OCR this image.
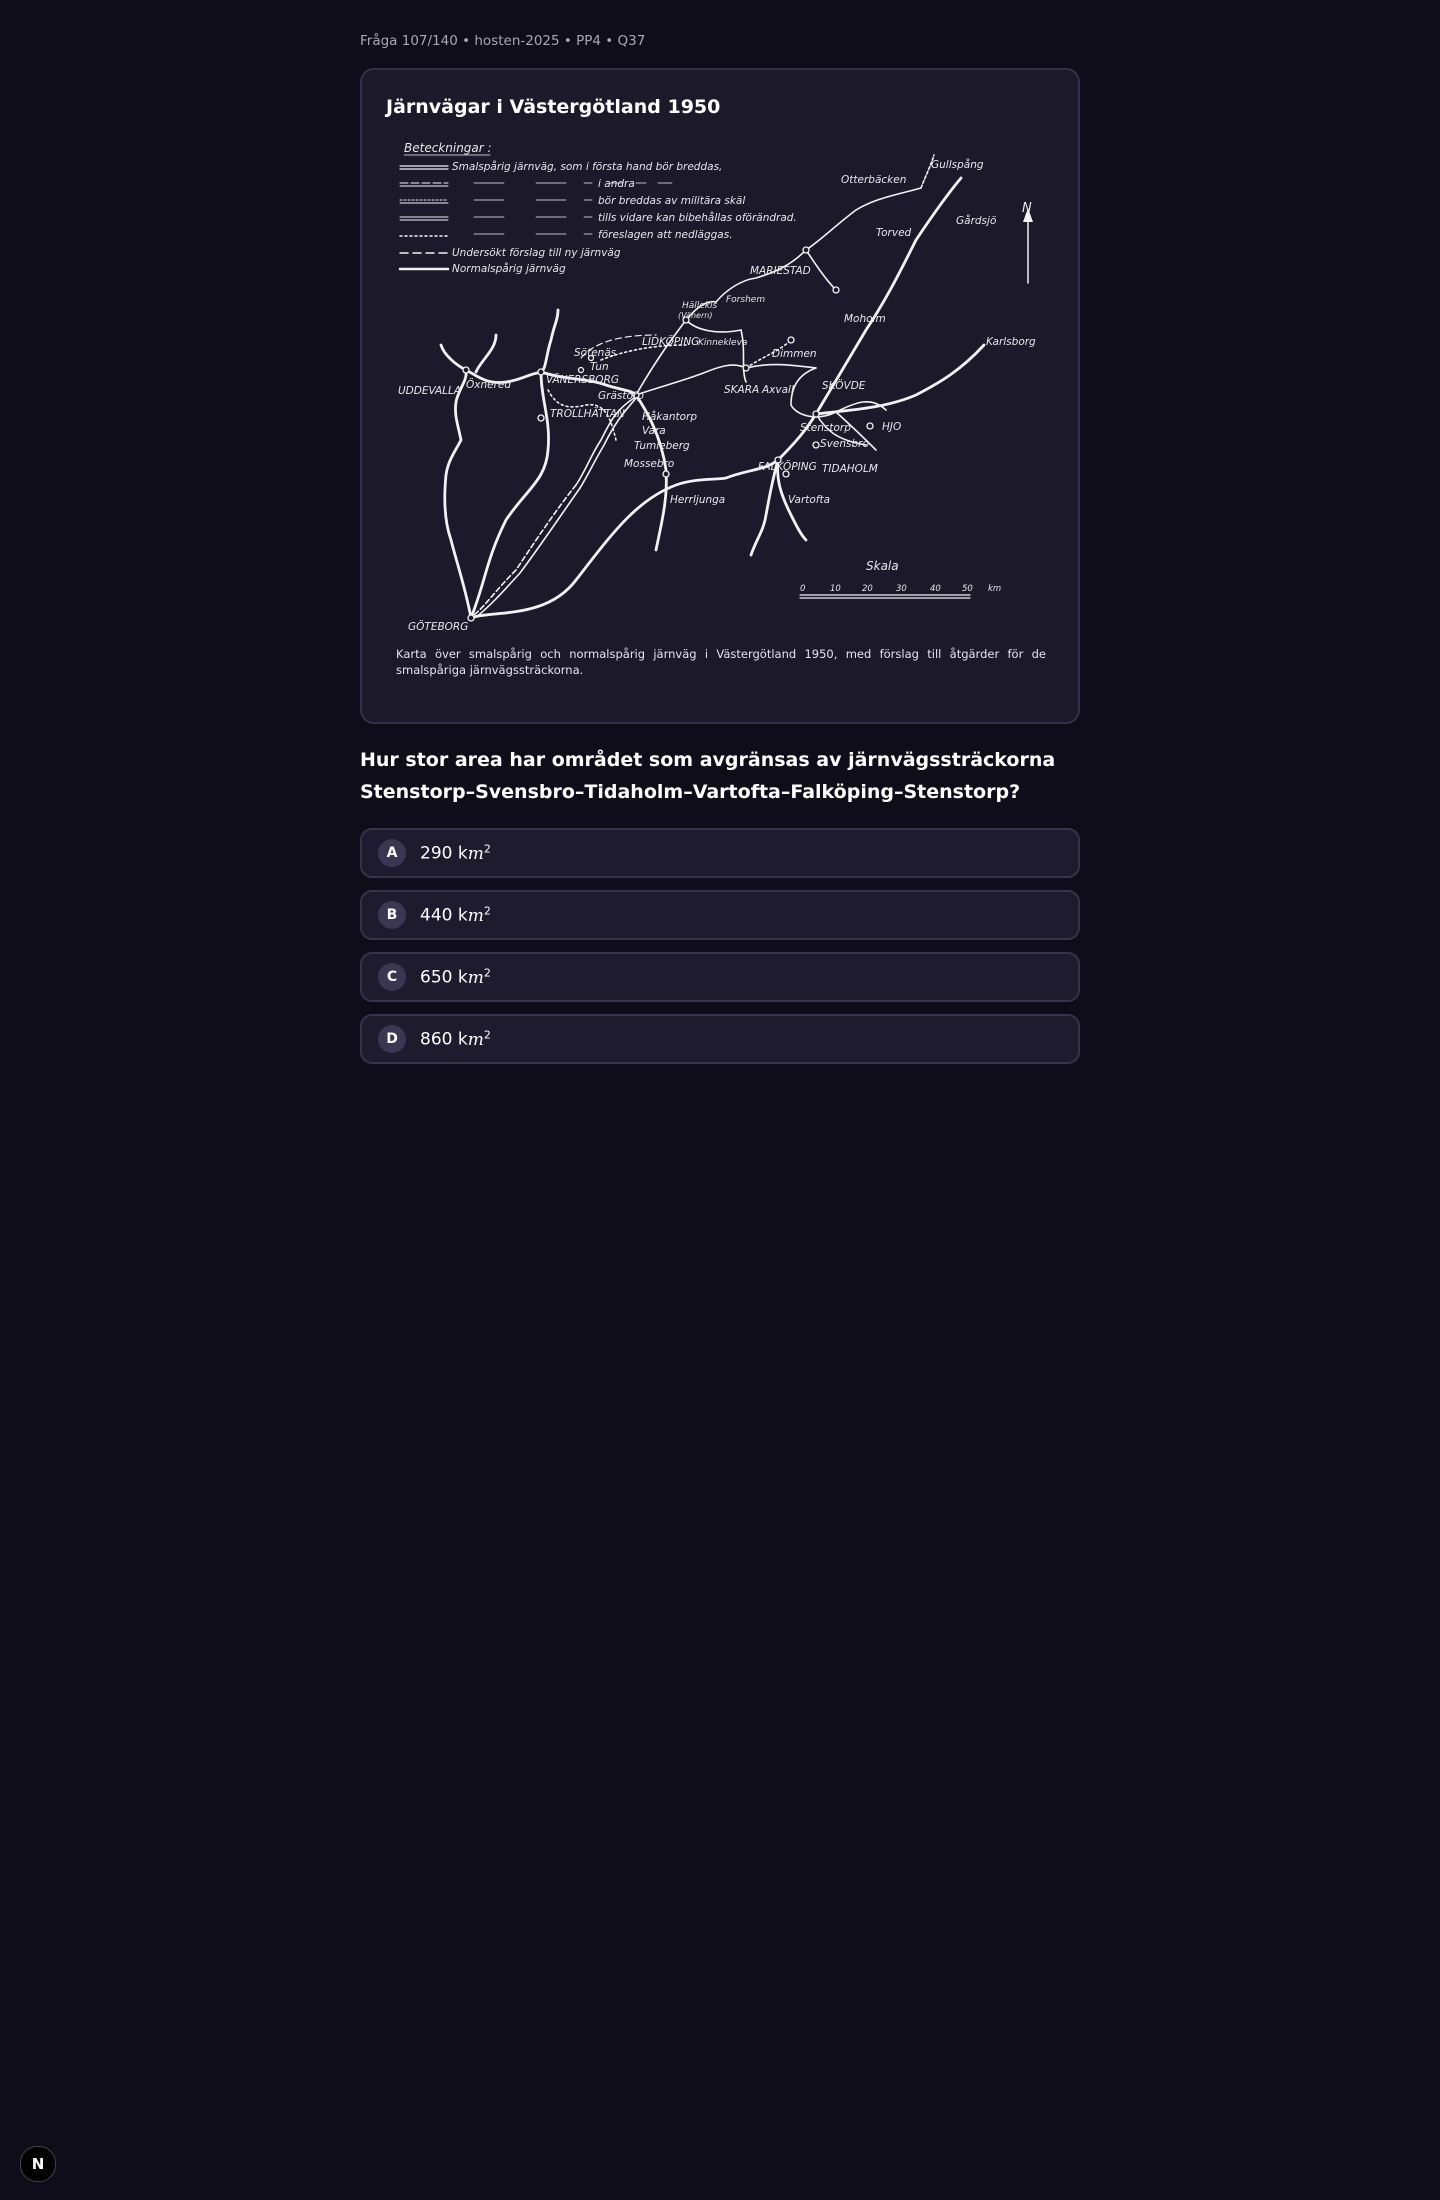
Fråga 107/140 • hosten-2025 • PP4 • Q37
Järnvägar i Västergötland 1950
Beteckningar :
Smalspårig järnväg, som i första hand bör breddas,
i andra
bör breddas av militära skäl
tills vidare kan bibehållas oförändrad.
föreslagen att nedläggas.
Undersökt förslag till ny järnväg
Normalspårig järnväg
Otterbäcken
Gullspång
Gårdsjö
Torved
MARIESTAD
Forshem
Hällekis
(Vänern)	Moholm
Karlsborg
LIDKÖPING
Kinnekleva
Dimmen
Sötenäs
Tun
UDDEVALLA Öxnered	VÄNERSBORG
TROLLHÄTTAN
Grästorp	SKARA Axvall	SKÖVDE
Håkantorp
Vara
Tumleberg
Mossebro
Stenstorp	HJO
Svensbro
FALKÖPING TIDAHOLM
Herrljunga	Vartofta
GÖTEBORG
N
Skala
0	10 20	30	40 50 km
Karta över smalspårig och normalspårig järnväg i Västergötland 1950, med förslag till åtgärder för de smalspåriga järnvägssträckorna.
Hur stor area har området som avgränsas av järnvägssträckorna Stenstorp–Svensbro–Tidaholm–Vartofta–Falköping–Stenstorp?
A	290 $km^2$
B	440 $km^2$
C	650 $km^2$
D	860 $km^2$
N
